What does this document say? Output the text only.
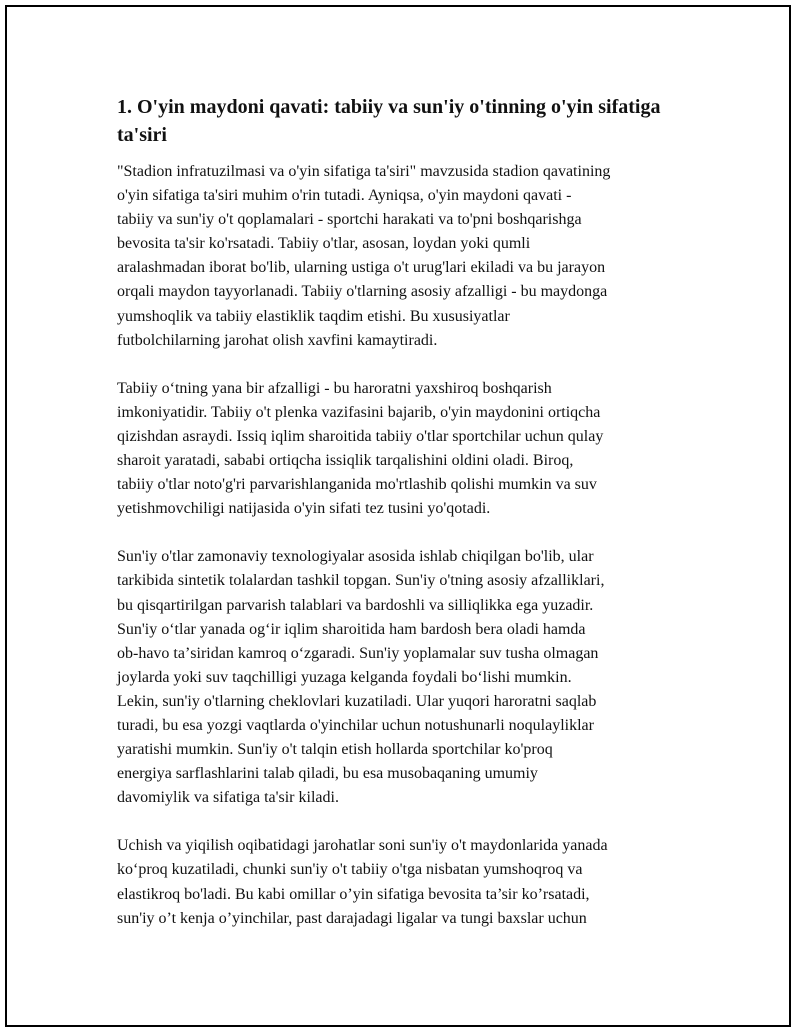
1. O'yin maydoni qavati: tabiiy va sun'iy o'tinning o'yin sifatiga ta'siri

"Stadion infratuzilmasi va o'yin sifatiga ta'siri" mavzusida stadion qavatining
o'yin sifatiga ta'siri muhim o'rin tutadi. Ayniqsa, o'yin maydoni qavati -
tabiiy va sun'iy o't qoplamalari - sportchi harakati va to'pni boshqarishga
bevosita ta'sir ko'rsatadi. Tabiiy o'tlar, asosan, loydan yoki qumli
aralashmadan iborat bo'lib, ularning ustiga o't urug'lari ekiladi va bu jarayon
orqali maydon tayyorlanadi. Tabiiy o'tlarning asosiy afzalligi - bu maydonga
yumshoqlik va tabiiy elastiklik taqdim etishi. Bu xususiyatlar
futbolchilarning jarohat olish xavfini kamaytiradi.

Tabiiy oʻtning yana bir afzalligi - bu haroratni yaxshiroq boshqarish
imkoniyatidir. Tabiiy o't plenka vazifasini bajarib, o'yin maydonini ortiqcha
qizishdan asraydi. Issiq iqlim sharoitida tabiiy o'tlar sportchilar uchun qulay
sharoit yaratadi, sababi ortiqcha issiqlik tarqalishini oldini oladi. Biroq,
tabiiy o'tlar noto'g'ri parvarishlanganida mo'rtlashib qolishi mumkin va suv
yetishmovchiligi natijasida o'yin sifati tez tusini yo'qotadi.

Sun'iy o'tlar zamonaviy texnologiyalar asosida ishlab chiqilgan bo'lib, ular
tarkibida sintetik tolalardan tashkil topgan. Sun'iy o'tning asosiy afzalliklari,
bu qisqartirilgan parvarish talablari va bardoshli va silliqlikka ega yuzadir.
Sun'iy oʻtlar yanada ogʻir iqlim sharoitida ham bardosh bera oladi hamda
ob-havo taʼsiridan kamroq oʻzgaradi. Sun'iy yoplamalar suv tusha olmagan
joylarda yoki suv taqchilligi yuzaga kelganda foydali boʻlishi mumkin.
Lekin, sun'iy o'tlarning cheklovlari kuzatiladi. Ular yuqori haroratni saqlab
turadi, bu esa yozgi vaqtlarda o'yinchilar uchun notushunarli noqulayliklar
yaratishi mumkin. Sun'iy o't talqin etish hollarda sportchilar ko'proq
energiya sarflashlarini talab qiladi, bu esa musobaqaning umumiy
davomiylik va sifatiga ta'sir kiladi.

Uchish va yiqilish oqibatidagi jarohatlar soni sun'iy o't maydonlarida yanada
koʻproq kuzatiladi, chunki sun'iy o't tabiiy o'tga nisbatan yumshoqroq va
elastikroq bo'ladi. Bu kabi omillar o’yin sifatiga bevosita ta’sir ko’rsatadi,
sun'iy o’t kenja o’yinchilar, past darajadagi ligalar va tungi baxslar uchun
